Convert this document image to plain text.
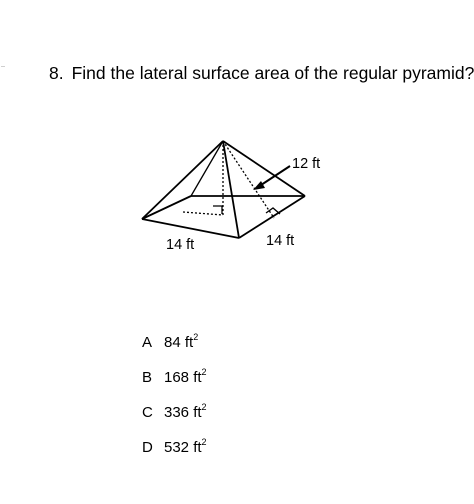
8. Find the lateral surface area of the regular pyramid?
12 ft
14 ft	14 ft
A 84 $ft^2$
B 168 $ft^2$
C 336 $ft^2$
D 532 $ft^2$
